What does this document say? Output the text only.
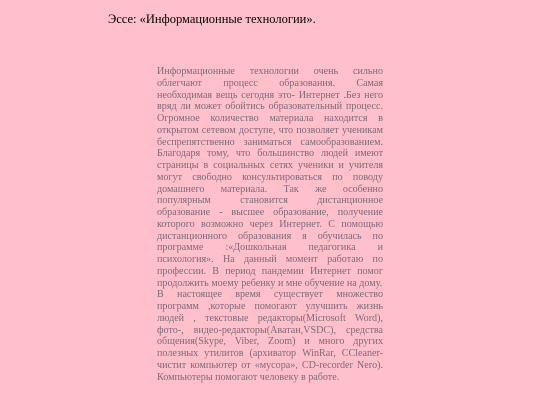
Эссе: «Информационные технологии».

Информационные технологии очень сильно облегчают процесс образования. Самая необходимая вещь сегодня это- Интернет .Без него вряд ли может обойтись образовательный процесс. Огромное количество материала находится в открытом сетевом доступе, что позволяет ученикам беспрепятственно заниматься самообразованием. Благодаря тому, что большинство людей имеют страницы в социальных сетях ученики и учителя могут свободно консультироваться по поводу домашнего материала. Так же особенно популярным становится дистанционное образование - высшее образование, получение которого возможно через Интернет. С помощью дистанционного образования я обучилась по программе :«Дошкольная педагогика и психология». На данный момент работаю по профессии. В период пандемии Интернет помог продолжить моему ребенку и мне обучение на дому.

В настоящее время существует множество программ ,которые помогают улучшить жизнь людей , текстовые редакторы(Microsoft Word), фото-, видео-редакторы(Аватан,VSDC), средства общения(Skype, Viber, Zoom) и много других полезных утилитов (архиватор WinRar, CCleaner-чистит компьютер от «мусора», CD-recorder Nero). Компьютеры помогают человеку в работе.
